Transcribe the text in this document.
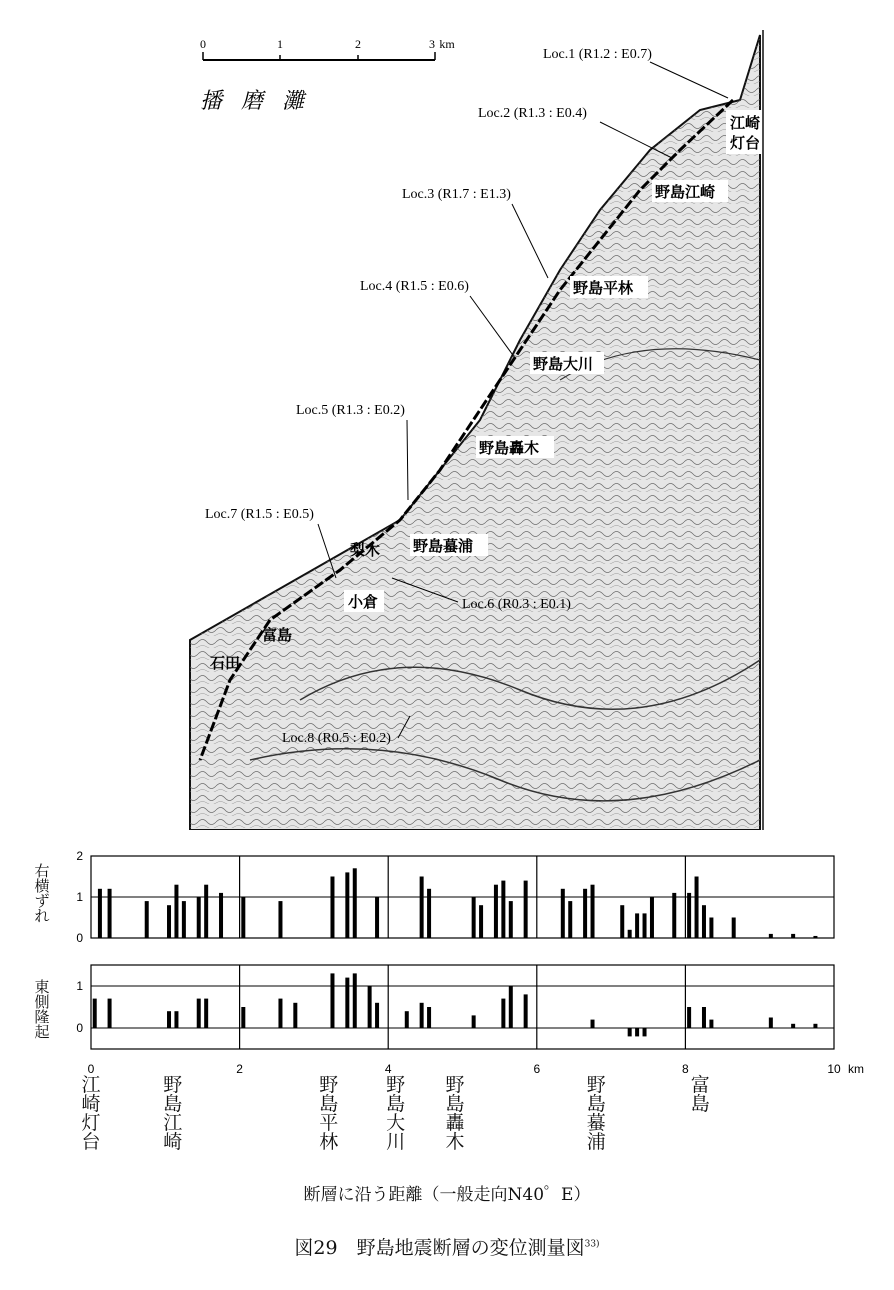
0	1	2	3 km
播 磨 灘
Loc.1 (R1.2 : E0.7)
Loc.2 (R1.3 : E0.4)
Loc.3 (R1.7 : E1.3)
Loc.4 (R1.5 : E0.6)
Loc.5 (R1.3 : E0.2)
Loc.7 (R1.5 : E0.5)
Loc.6 (R0.3 : E0.1)
Loc.8 (R0.5 : E0.2)
江崎
灯台
野島江崎
野島平林
野島大川
野島轟木
野島蟇浦
梨木
小倉
富島
石田
0
1
2
0
1
0	2	4	6	8	10 km
右横ずれ
東側隆起
江崎灯台
野島江崎
野島平林
野島大川
野島轟木
野島蟇浦
富島
断層に沿う距離（一般走向N40゜E）
図29　野島地震断層の変位測量図$^{33)}$
